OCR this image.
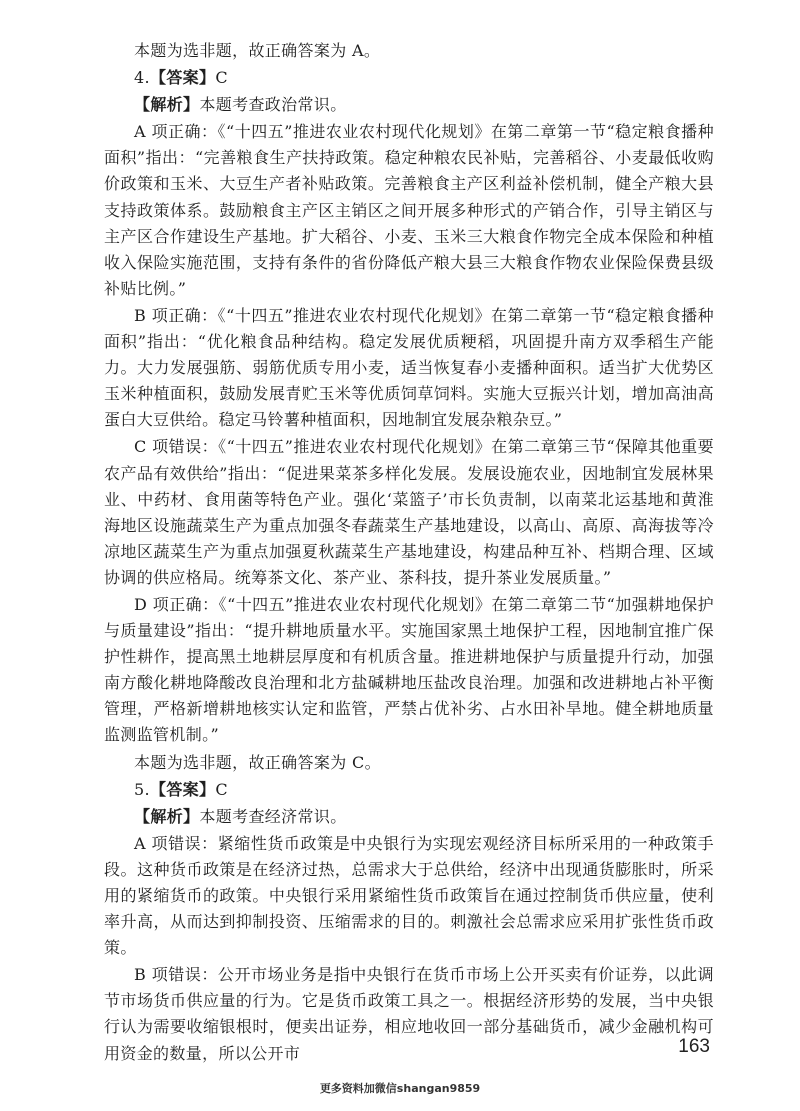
本题为选非题，故正确答案为 A。

4.【答案】C

【解析】本题考查政治常识。

A 项正确：《“十四五”推进农业农村现代化规划》在第二章第一节“稳定粮食播种面积”指出：“完善粮食生产扶持政策。稳定种粮农民补贴，完善稻谷、小麦最低收购价政策和玉米、大豆生产者补贴政策。完善粮食主产区利益补偿机制，健全产粮大县支持政策体系。鼓励粮食主产区主销区之间开展多种形式的产销合作，引导主销区与主产区合作建设生产基地。扩大稻谷、小麦、玉米三大粮食作物完全成本保险和种植收入保险实施范围，支持有条件的省份降低产粮大县三大粮食作物农业保险保费县级补贴比例。”

B 项正确：《“十四五”推进农业农村现代化规划》在第二章第一节“稳定粮食播种面积”指出：“优化粮食品种结构。稳定发展优质粳稻，巩固提升南方双季稻生产能力。大力发展强筋、弱筋优质专用小麦，适当恢复春小麦播种面积。适当扩大优势区玉米种植面积，鼓励发展青贮玉米等优质饲草饲料。实施大豆振兴计划，增加高油高蛋白大豆供给。稳定马铃薯种植面积，因地制宜发展杂粮杂豆。”

C 项错误：《“十四五”推进农业农村现代化规划》在第二章第三节“保障其他重要农产品有效供给”指出：“促进果菜茶多样化发展。发展设施农业，因地制宜发展林果业、中药材、食用菌等特色产业。强化‘菜篮子’市长负责制，以南菜北运基地和黄淮海地区设施蔬菜生产为重点加强冬春蔬菜生产基地建设，以高山、高原、高海拔等冷凉地区蔬菜生产为重点加强夏秋蔬菜生产基地建设，构建品种互补、档期合理、区域协调的供应格局。统筹茶文化、茶产业、茶科技，提升茶业发展质量。”

D 项正确：《“十四五”推进农业农村现代化规划》在第二章第二节“加强耕地保护与质量建设”指出：“提升耕地质量水平。实施国家黑土地保护工程，因地制宜推广保护性耕作，提高黑土地耕层厚度和有机质含量。推进耕地保护与质量提升行动，加强南方酸化耕地降酸改良治理和北方盐碱耕地压盐改良治理。加强和改进耕地占补平衡管理，严格新增耕地核实认定和监管，严禁占优补劣、占水田补旱地。健全耕地质量监测监管机制。”

本题为选非题，故正确答案为 C。

5.【答案】C

【解析】本题考查经济常识。

A 项错误：紧缩性货币政策是中央银行为实现宏观经济目标所采用的一种政策手段。这种货币政策是在经济过热，总需求大于总供给，经济中出现通货膨胀时，所采用的紧缩货币的政策。中央银行采用紧缩性货币政策旨在通过控制货币供应量，使利率升高，从而达到抑制投资、压缩需求的目的。刺激社会总需求应采用扩张性货币政策。

B 项错误：公开市场业务是指中央银行在货币市场上公开买卖有价证券，以此调节市场货币供应量的行为。它是货币政策工具之一。根据经济形势的发展，当中央银行认为需要收缩银根时，便卖出证券，相应地收回一部分基础货币，减少金融机构可用资金的数量，所以公开市	163
更多资料加微信shangan9859
